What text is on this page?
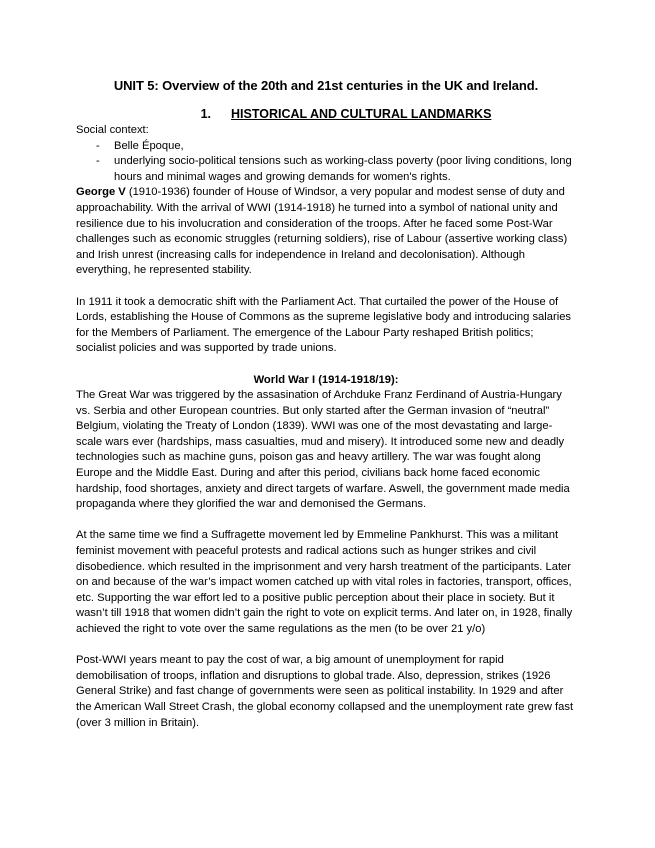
UNIT 5: Overview of the 20th and 21st centuries in the UK and Ireland.
1. HISTORICAL AND CULTURAL LANDMARKS

Social context:

- Belle Époque,
- underlying socio-political tensions such as working-class poverty (poor living conditions, long hours and minimal wages and growing demands for women's rights.

George V (1910-1936) founder of House of Windsor, a very popular and modest sense of duty and approachability. With the arrival of WWI (1914-1918) he turned into a symbol of national unity and resilience due to his involucration and consideration of the troops. After he faced some Post-War challenges such as economic struggles (returning soldiers), rise of Labour (assertive working class) and Irish unrest (increasing calls for independence in Ireland and decolonisation). Although everything, he represented stability.

In 1911 it took a democratic shift with the Parliament Act. That curtailed the power of the House of Lords, establishing the House of Commons as the supreme legislative body and introducing salaries for the Members of Parliament. The emergence of the Labour Party reshaped British politics; socialist policies and was supported by trade unions.

World War I (1914-1918/19):

The Great War was triggered by the assasination of Archduke Franz Ferdinand of Austria-Hungary vs. Serbia and other European countries. But only started after the German invasion of “neutral” Belgium, violating the Treaty of London (1839). WWI was one of the most devastating and large-scale wars ever (hardships, mass casualties, mud and misery). It introduced some new and deadly technologies such as machine guns, poison gas and heavy artillery. The war was fought along Europe and the Middle East. During and after this period, civilians back home faced economic hardship, food shortages, anxiety and direct targets of warfare. Aswell, the government made media propaganda where they glorified the war and demonised the Germans.

At the same time we find a Suffragette movement led by Emmeline Pankhurst. This was a militant feminist movement with peaceful protests and radical actions such as hunger strikes and civil disobedience. which resulted in the imprisonment and very harsh treatment of the participants. Later on and because of the war’s impact women catched up with vital roles in factories, transport, offices, etc. Supporting the war effort led to a positive public perception about their place in society. But it wasn’t till 1918 that women didn’t gain the right to vote on explicit terms. And later on, in 1928, finally achieved the right to vote over the same regulations as the men (to be over 21 y/o)

Post-WWI years meant to pay the cost of war, a big amount of unemployment for rapid demobilisation of troops, inflation and disruptions to global trade. Also, depression, strikes (1926 General Strike) and fast change of governments were seen as political instability. In 1929 and after the American Wall Street Crash, the global economy collapsed and the unemployment rate grew fast (over 3 million in Britain).
